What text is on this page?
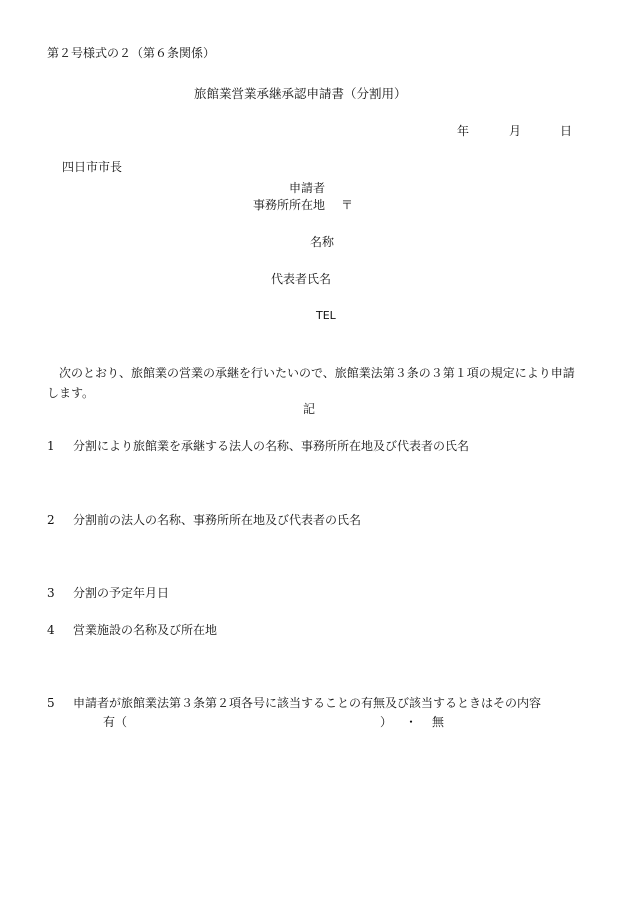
第２号様式の２（第６条関係）
旅館業営業承継承認申請書（分割用）
年	月	日
四日市市長
申請者
事務所所在地 〒
名称
代表者氏名
TEL
次のとおり、旅館業の営業の承継を行いたいので、旅館業法第３条の３第１項の規定により申請します。
記
1 分割により旅館業を承継する法人の名称、事務所所在地及び代表者の氏名
2 分割前の法人の名称、事務所所在地及び代表者の氏名
3 分割の予定年月日
4 営業施設の名称及び所在地
5 申請者が旅館業法第３条第２項各号に該当することの有無及び該当するときはその内容
有（	） ・ 無
